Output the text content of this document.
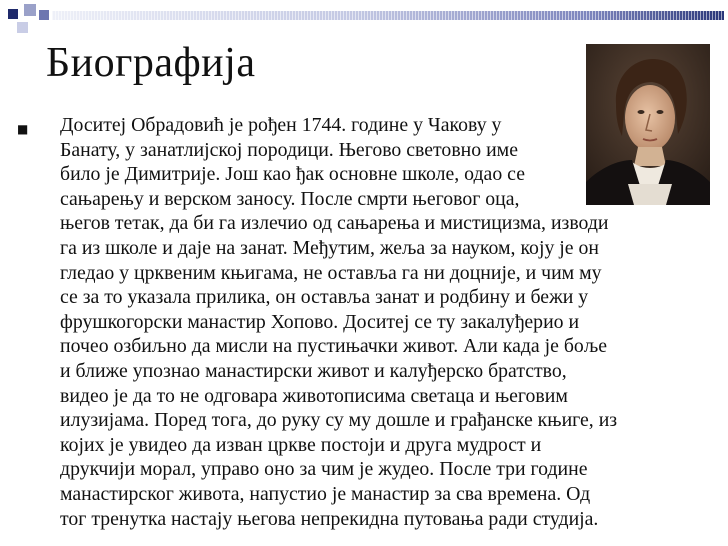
Биографија
■ Доситеј Обрадовић је рођен 1744. године у Чакову у
Банату, у занатлијској породици. Његово световно име
било је Димитрије. Још као ђак основне школе, одао се
сањарењу и верском заносу. После смрти његовог оца,
његов тетак, да би га излечио од сањарења и мистицизма, изводи
га из школе и даје на занат. Међутим, жеља за науком, коју је он
гледао у црквеним књигама, не оставља га ни доцније, и чим му
се за то указала прилика, он оставља занат и родбину и бежи у
фрушкогорски манастир Хопово. Доситеј се ту закалуђерио и
почео озбиљно да мисли на пустињачки живот. Али када је боље
и ближе упознао манастирски живот и калуђерско братство,
видео је да то не одговара животописима светаца и његовим
илузијама. Поред тога, до руку су му дошле и грађанске књиге, из
којих је увидео да изван цркве постоји и друга мудрост и
друкчији морал, управо оно за чим је жудео. После три године
манастирског живота, напустио је манастир за сва времена. Од
тог тренутка настају његова непрекидна путовања ради студија.
